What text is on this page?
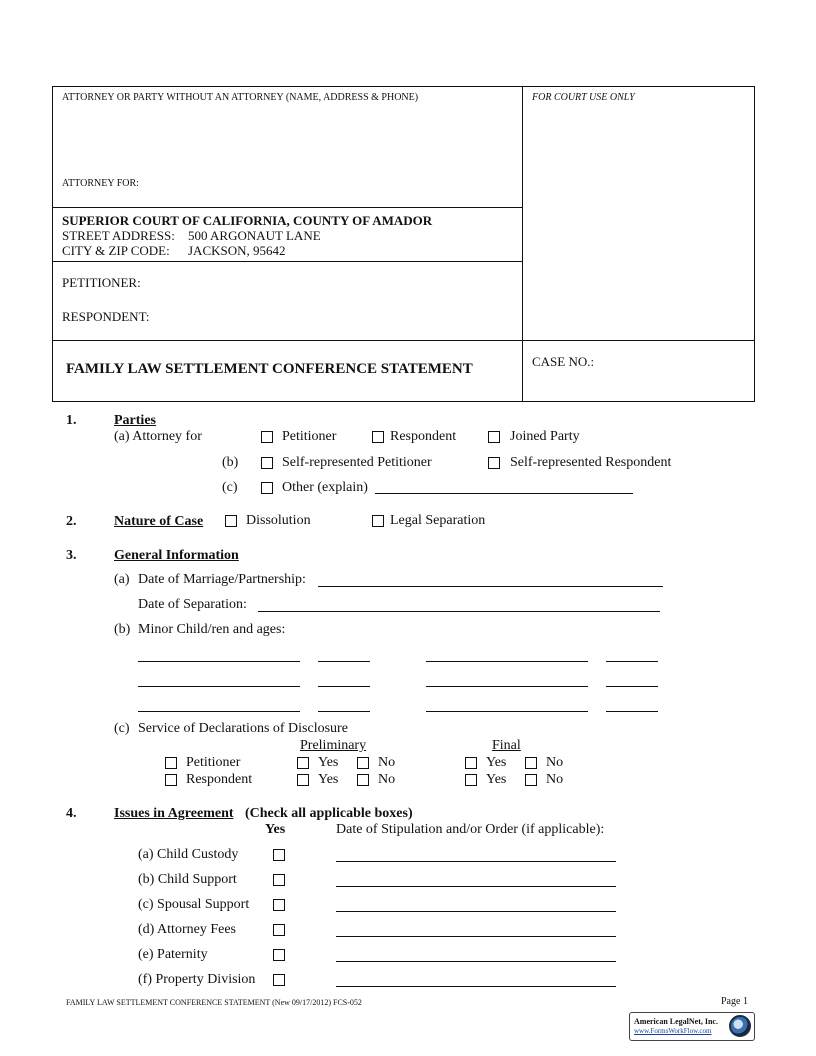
ATTORNEY OR PARTY WITHOUT AN ATTORNEY (NAME, ADDRESS & PHONE)	FOR COURT USE ONLY
ATTORNEY FOR:
SUPERIOR COURT OF CALIFORNIA, COUNTY OF AMADOR
STREET ADDRESS: 500 ARGONAUT LANE
CITY & ZIP CODE: JACKSON, 95642
PETITIONER:
RESPONDENT:
FAMILY LAW SETTLEMENT CONFERENCE STATEMENT	CASE NO.:
1.	Parties
(a) Attorney for	Petitioner	Respondent	Joined Party
(b)	Self-represented Petitioner	Self-represented Respondent
(c)	Other (explain)
2.	Nature of Case	Dissolution	Legal Separation
3.	General Information
(a) Date of Marriage/Partnership:
Date of Separation:
(b) Minor Child/ren and ages:
(c) Service of Declarations of Disclosure
Preliminary	Final
Petitioner	Yes	No	Yes	No
Respondent	Yes	No	Yes	No
4.	Issues in Agreement (Check all applicable boxes)
Yes	Date of Stipulation and/or Order (if applicable):
(a) Child Custody
(b) Child Support
(c) Spousal Support
(d) Attorney Fees
(e) Paternity
(f) Property Division
FAMILY LAW SETTLEMENT CONFERENCE STATEMENT (New 09/17/2012) FCS-052	Page 1
American LegalNet, Inc.
www.FormsWorkFlow.com
